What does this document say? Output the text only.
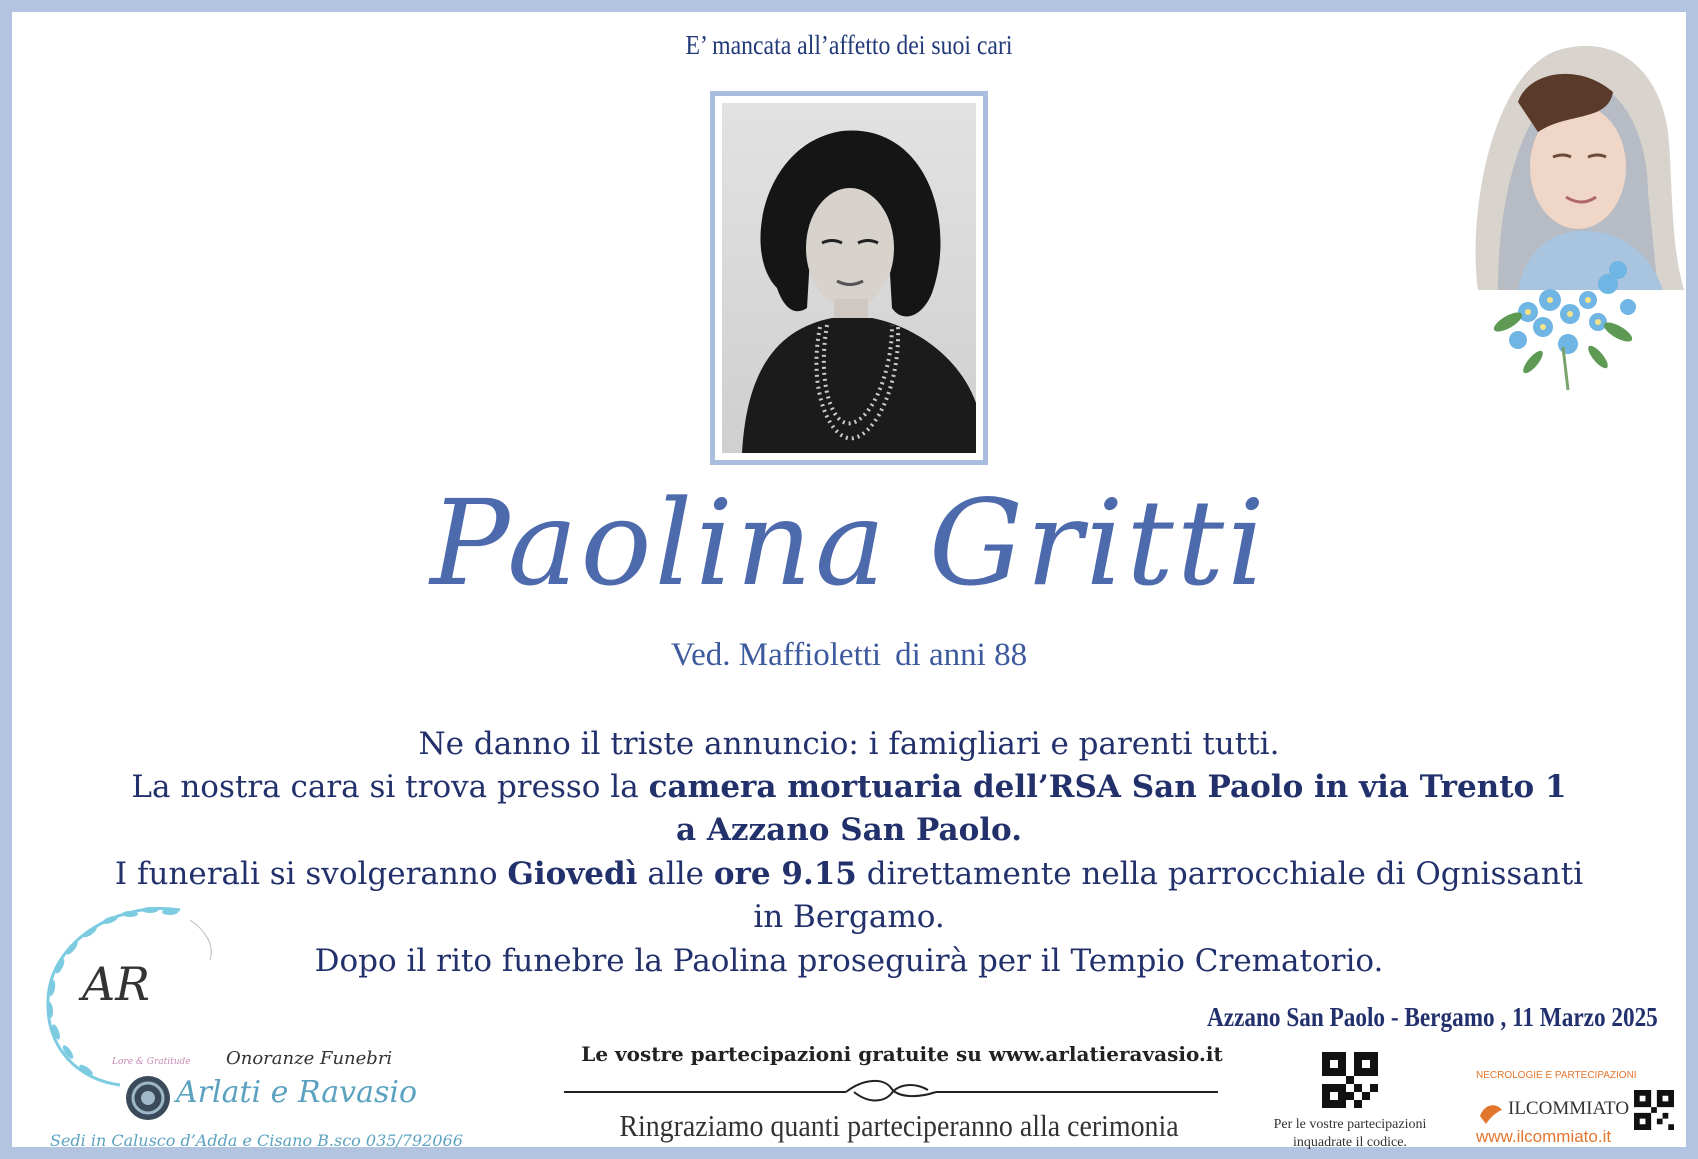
E’ mancata all’affetto dei suoi cari
Paolina Gritti
Ved. Maffioletti di anni 88
Ne danno il triste annuncio: i famigliari e parenti tutti.
La nostra cara si trova presso la camera mortuaria dell’RSA San Paolo in via Trento 1
a Azzano San Paolo.
I funerali si svolgeranno Giovedì alle ore 9.15 direttamente nella parrocchiale di Ognissanti
in Bergamo.
Dopo il rito funebre la Paolina proseguirà per il Tempio Crematorio.
Azzano San Paolo - Bergamo , 11 Marzo 2025
Le vostre partecipazioni gratuite su www.arlatieravasio.it
Ringraziamo quanti parteciperanno alla cerimonia	Per le vostre partecipazioni inquadrate il codice.
NECROLOGIE E PARTECIPAZIONI
ILCOMMIATO
www.ilcommiato.it
AR
Lore & Gratitude Onoranze Funebri
Arlati e Ravasio
Sedi in Calusco d’Adda e Cisano B.sco 035/792066
